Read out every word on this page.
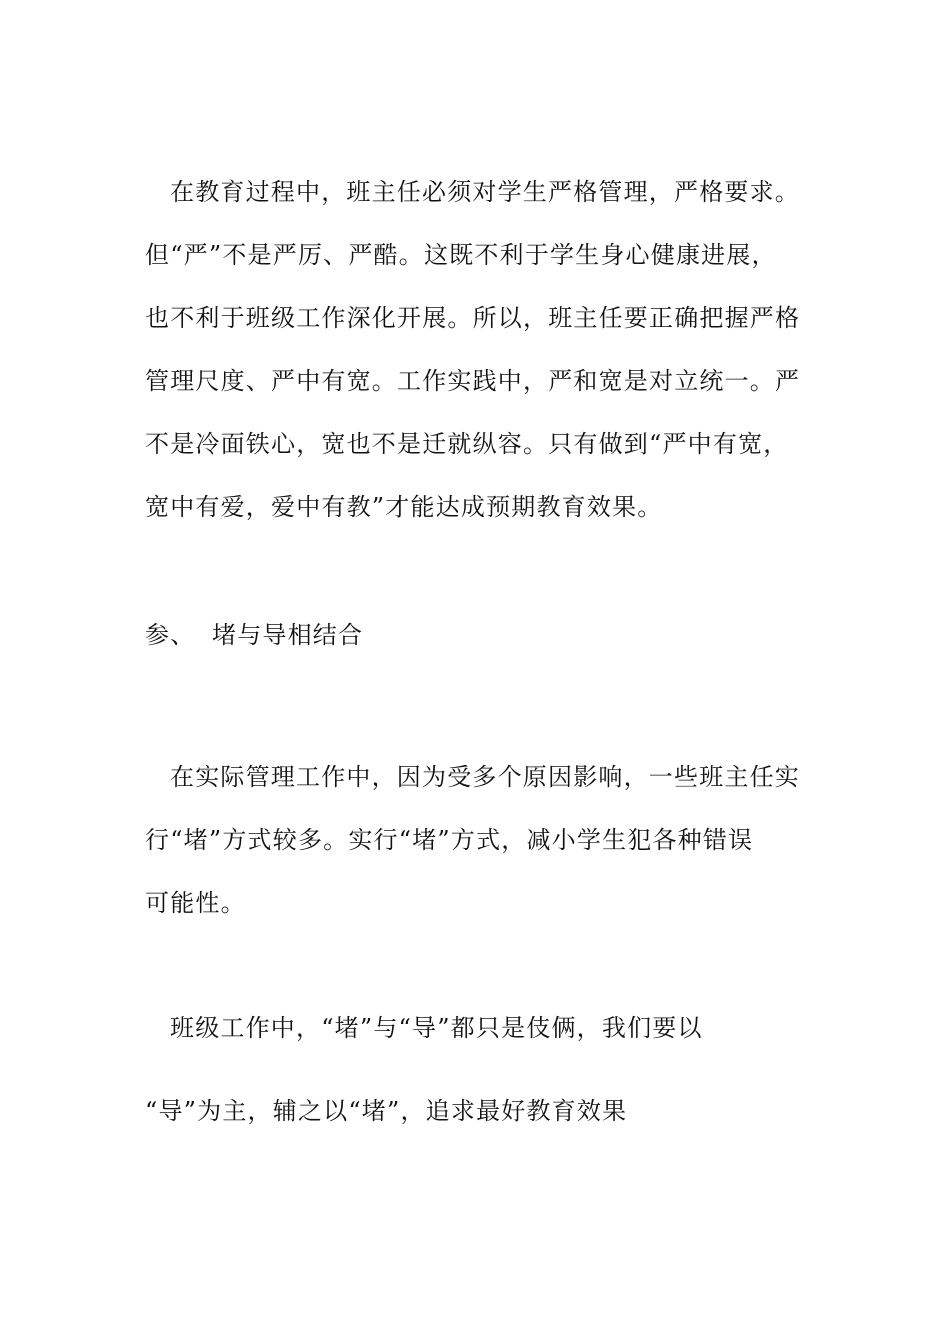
在教育过程中，班主任必须对学生严格管理，严格要求。
但“严”不是严厉、严酷。这既不利于学生身心健康进展，
也不利于班级工作深化开展。所以，班主任要正确把握严格
管理尺度、严中有宽。工作实践中，严和宽是对立统一。严
不是冷面铁心，宽也不是迁就纵容。只有做到“严中有宽，
宽中有爱，爱中有教”才能达成预期教育效果。
参、 堵与导相结合
在实际管理工作中，因为受多个原因影响，一些班主任实
行“堵”方式较多。实行“堵”方式，减小学生犯各种错误
可能性。
班级工作中，“堵”与“导”都只是伎俩，我们要以
“导”为主，辅之以“堵”，追求最好教育效果
